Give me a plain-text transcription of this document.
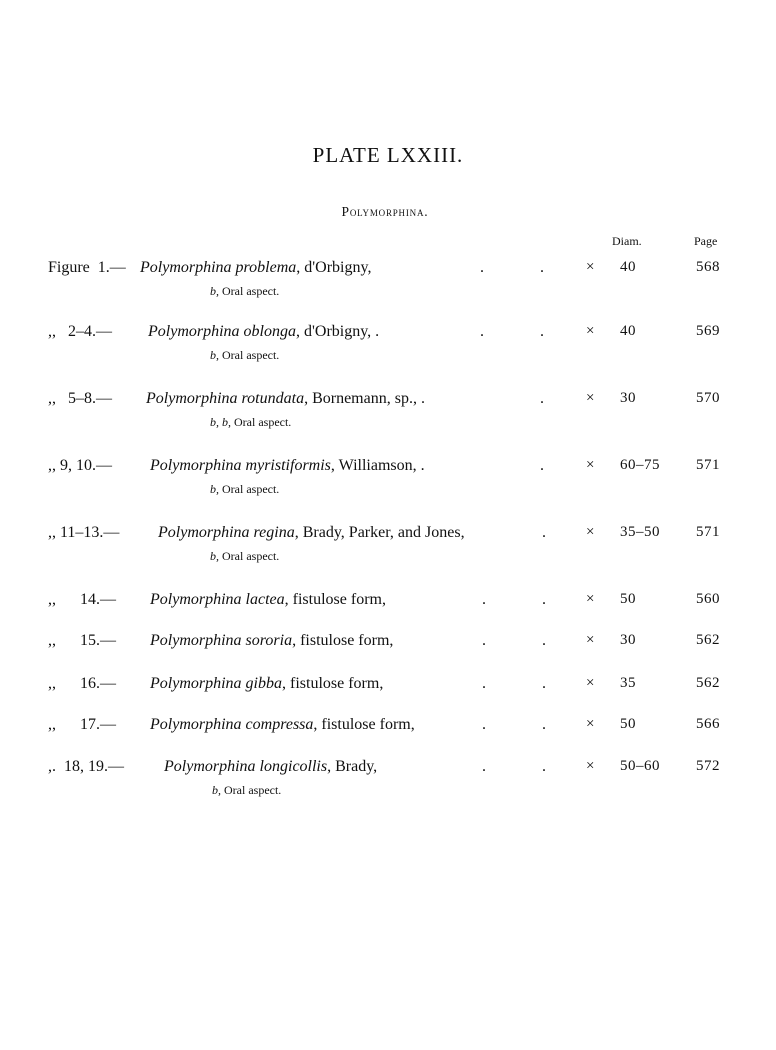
PLATE LXXIII.
Polymorphina.
Diam.	Page
Figure  1.— Polymorphina problema, d'Orbigny,	.	.	× 40	568
b, Oral aspect.
,,   2–4.— Polymorphina oblonga, d'Orbigny, .	.	.	× 40	569
b, Oral aspect.
,,   5–8.— Polymorphina rotundata, Bornemann, sp., .	.	× 30	570
b, b, Oral aspect.
,, 9, 10.— Polymorphina myristiformis, Williamson, .	.	× 60–75 571
b, Oral aspect.
,, 11–13.— Polymorphina regina, Brady, Parker, and Jones,	.	× 35–50 571
b, Oral aspect.
,,      14.— Polymorphina lactea, fistulose form,	.	.	× 50	560
,,      15.— Polymorphina sororia, fistulose form,	.	.	× 30	562
,,      16.— Polymorphina gibba, fistulose form,	.	.	× 35	562
,,      17.— Polymorphina compressa, fistulose form,	.	.	× 50	566
,.  18, 19.—	Polymorphina longicollis, Brady,	.	.	× 50–60 572
b, Oral aspect.
